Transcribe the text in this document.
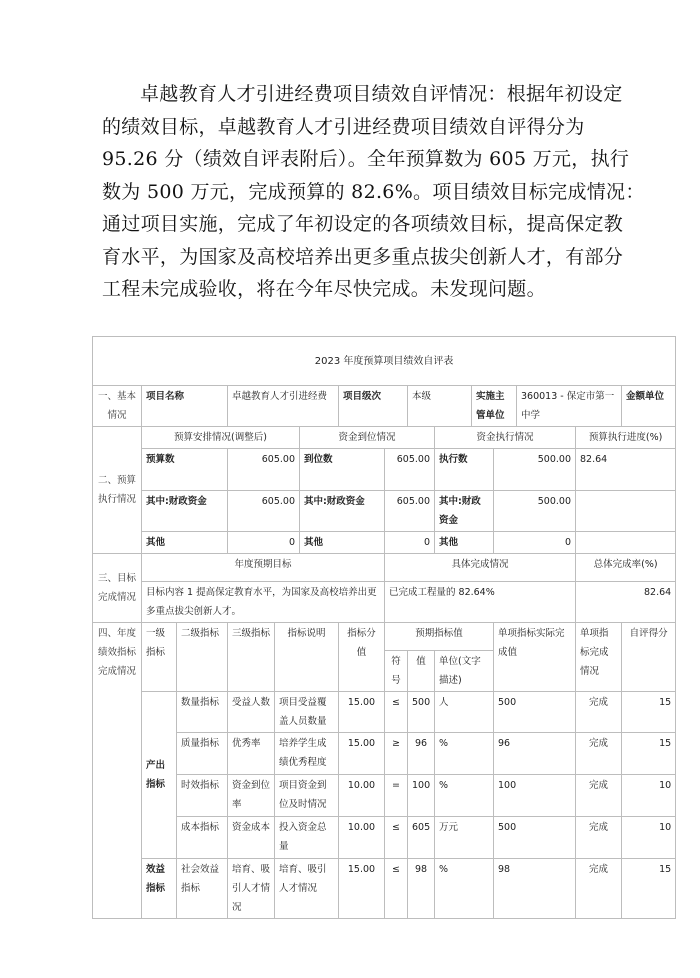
卓越教育人才引进经费项目绩效自评情况：根据年初设定
的绩效目标，卓越教育人才引进经费项目绩效自评得分为
95.26 分（绩效自评表附后）。全年预算数为 605 万元，执行
数为 500 万元，完成预算的 82.6%。项目绩效目标完成情况：
通过项目实施，完成了年初设定的各项绩效目标，提高保定教
育水平，为国家及高校培养出更多重点拔尖创新人才，有部分
工程未完成验收，将在今年尽快完成。未发现问题。
2023 年度预算项目绩效自评表															
一、基本情况	项目名称		卓越教育人才引进经费			项目级次		本级		实施主管单位		360013 - 保定市第一中学		金额单位	
二、预算执行情况	预算安排情况(调整后)				资金到位情况				资金执行情况				预算执行进度(%)		
	预算数		605.00		到位数		605.00		执行数		500.00		82.64		
	其中:财政资金		605.00		其中:财政资金		605.00		其中:财政资金		500.00				
	其他		0		其他		0		其他		0				
三、目标完成情况	年度预期目标						具体完成情况						总体完成率(%)		
	目标内容 1 提高保定教育水平，为国家及高校培养出更多重点拔尖创新人才。						已完成工程量的 82.64%						82.64		
四、年度绩效指标完成情况	一级指标	二级指标	三级指标	指标说明		指标分值	预期指标值				单项指标实际完成值		单项指标完成情况	自评得分	
							符号	值	单位(文字描述)						
	产出指标	数量指标	受益人数	项目受益覆盖人员数量		15.00	≤	500	人		500		完成	15	
		质量指标	优秀率	培养学生成绩优秀程度		15.00	≥	96	%		96		完成	15	
		时效指标	资金到位率	项目资金到位及时情况		10.00	=	100	%		100		完成	10	
		成本指标	资金成本	投入资金总量		10.00	≤	605	万元		500		完成	10	
	效益指标	社会效益指标	培育、吸引人才情况	培育、吸引人才情况		15.00	≤	98	%		98		完成	15	
